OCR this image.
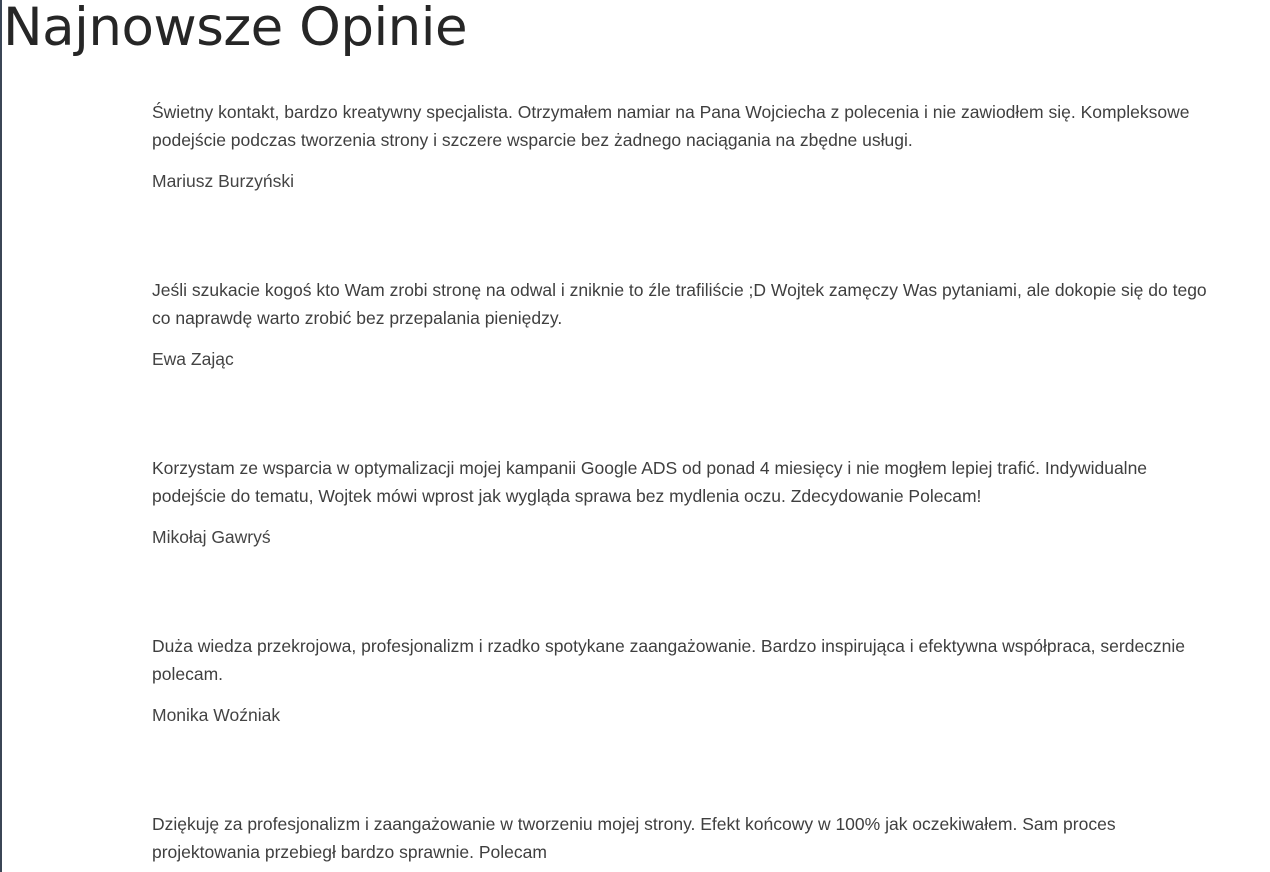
Najnowsze Opinie

Świetny kontakt, bardzo kreatywny specjalista. Otrzymałem namiar na Pana Wojciecha z polecenia i nie zawiodłem się. Kompleksowe podejście podczas tworzenia strony i szczere wsparcie bez żadnego naciągania na zbędne usługi.

Mariusz Burzyński

Jeśli szukacie kogoś kto Wam zrobi stronę na odwal i zniknie to źle trafiliście ;D Wojtek zamęczy Was pytaniami, ale dokopie się do tego co naprawdę warto zrobić bez przepalania pieniędzy.

Ewa Zając

Korzystam ze wsparcia w optymalizacji mojej kampanii Google ADS od ponad 4 miesięcy i nie mogłem lepiej trafić. Indywidualne podejście do tematu, Wojtek mówi wprost jak wygląda sprawa bez mydlenia oczu. Zdecydowanie Polecam!

Mikołaj Gawryś

Duża wiedza przekrojowa, profesjonalizm i rzadko spotykane zaangażowanie. Bardzo inspirująca i efektywna współpraca, serdecznie polecam.

Monika Woźniak

Dziękuję za profesjonalizm i zaangażowanie w tworzeniu mojej strony. Efekt końcowy w 100% jak oczekiwałem. Sam proces projektowania przebiegł bardzo sprawnie. Polecam
